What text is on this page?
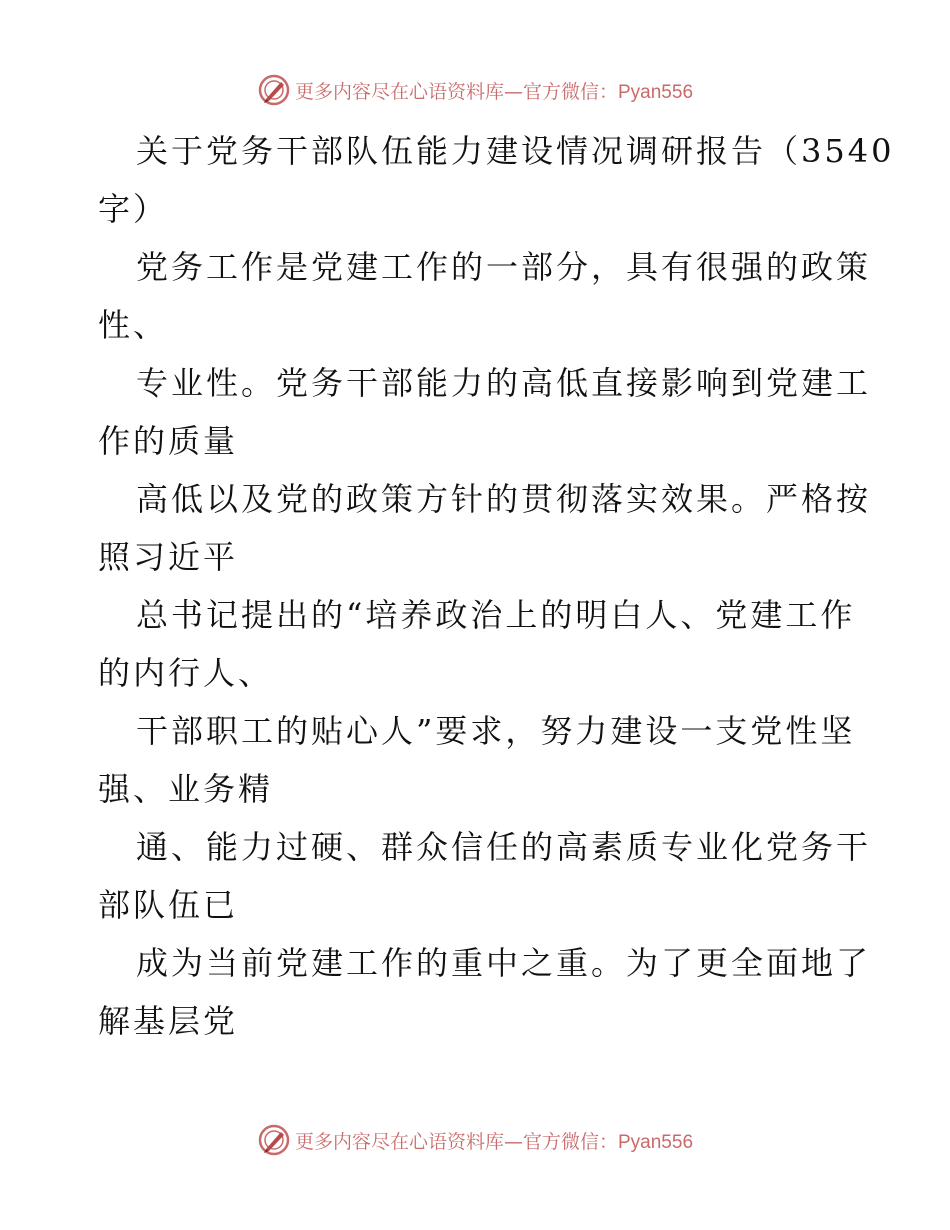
更多内容尽在心语资料库—官方微信：Pyan556
关于党务干部队伍能力建设情况调研报告（3540
字）
党务工作是党建工作的一部分，具有很强的政策
性、
专业性。党务干部能力的高低直接影响到党建工
作的质量
高低以及党的政策方针的贯彻落实效果。严格按
照习近平
总书记提出的“培养政治上的明白人、党建工作
的内行人、
干部职工的贴心人”要求，努力建设一支党性坚
强、业务精
通、能力过硬、群众信任的高素质专业化党务干
部队伍已
成为当前党建工作的重中之重。为了更全面地了
解基层党
更多内容尽在心语资料库—官方微信：Pyan556
